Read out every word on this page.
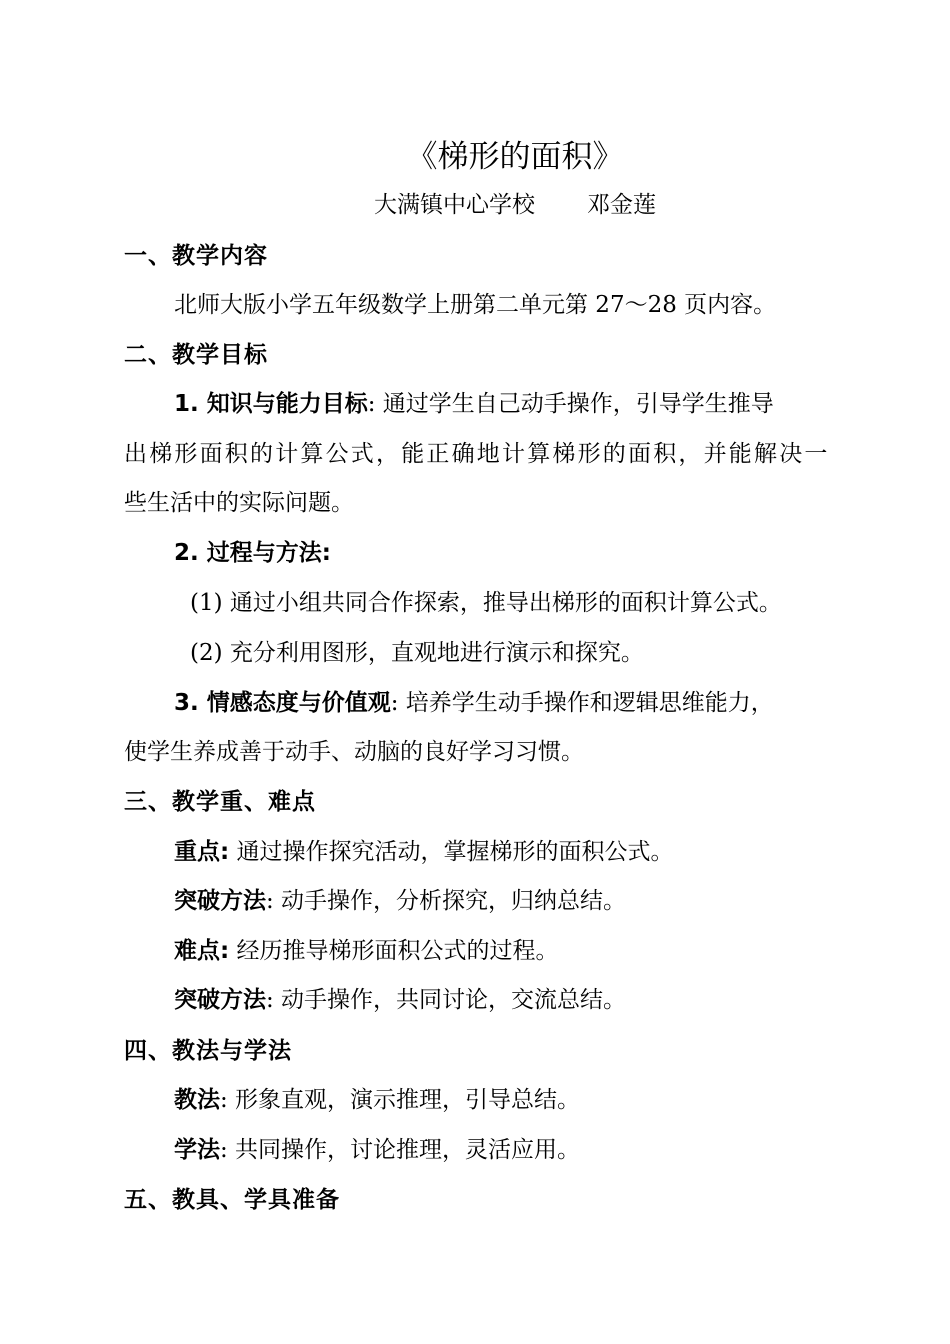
《梯形的面积》
大满镇中心学校 邓金莲
一、教学内容
北师大版小学五年级数学上册第二单元第 27～28 页内容。
二、教学目标
1. 知识与能力目标: 通过学生自己动手操作，引导学生推导
出梯形面积的计算公式，能正确地计算梯形的面积，并能解决一
些生活中的实际问题。
2. 过程与方法:
(1) 通过小组共同合作探索，推导出梯形的面积计算公式。
(2) 充分利用图形，直观地进行演示和探究。
3. 情感态度与价值观: 培养学生动手操作和逻辑思维能力，
使学生养成善于动手、动脑的良好学习习惯。
三、教学重、难点
重点: 通过操作探究活动，掌握梯形的面积公式。
突破方法: 动手操作，分析探究，归纳总结。
难点: 经历推导梯形面积公式的过程。
突破方法: 动手操作，共同讨论，交流总结。
四、教法与学法
教法: 形象直观，演示推理，引导总结。
学法: 共同操作，讨论推理，灵活应用。
五、教具、学具准备
